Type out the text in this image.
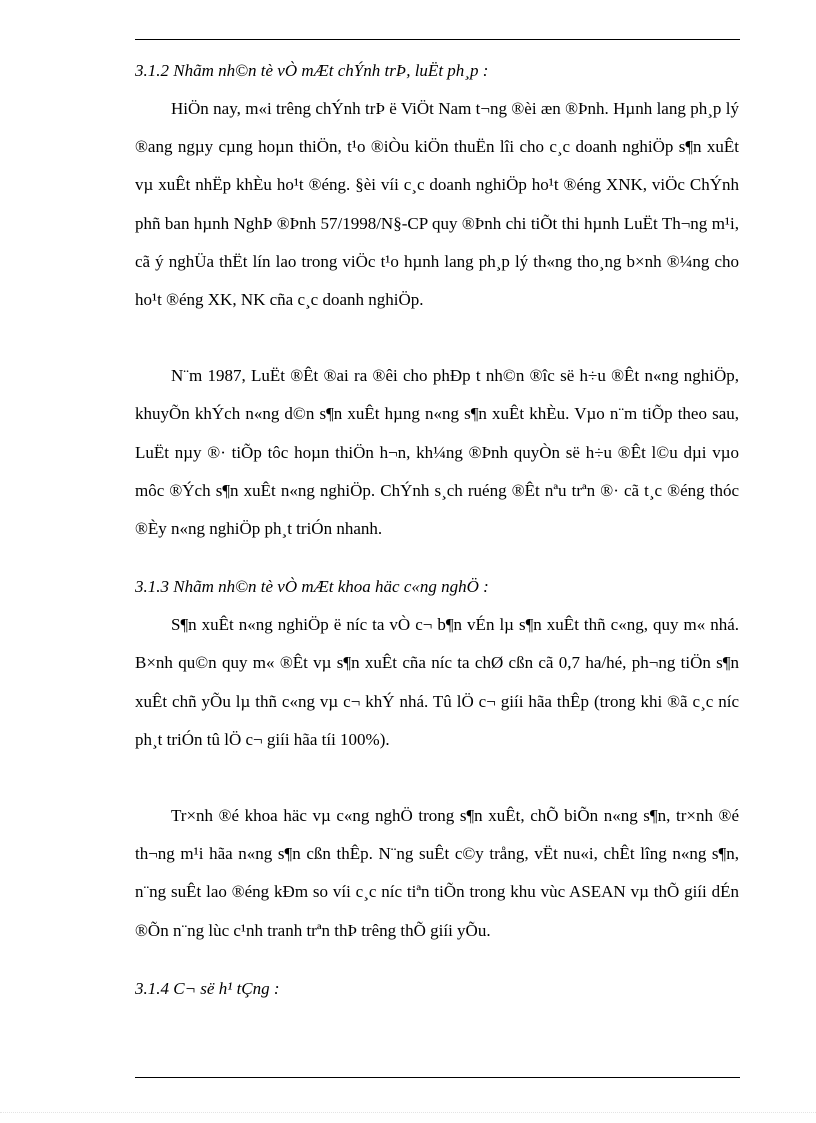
3.1.2 Nhãm nh©n tè vÒ mÆt chÝnh trÞ, luËt ph¸p :

HiÖn nay, m«i trêng chÝnh trÞ ë ViÖt Nam t¬ng ®èi æn ®Þnh. Hµnh lang ph¸p lý ®ang ngµy cµng hoµn thiÖn, t¹o ®iÒu kiÖn thuËn lîi cho c¸c doanh nghiÖp s¶n xuÊt vµ xuÊt nhËp khÈu ho¹t ®éng. §èi víi c¸c doanh nghiÖp ho¹t ®éng XNK, viÖc ChÝnh phñ ban hµnh NghÞ ®Þnh 57/1998/N§-CP quy ®Þnh chi tiÕt thi hµnh LuËt Th¬ng m¹i, cã ý nghÜa thËt lín lao trong viÖc t¹o hµnh lang ph¸p lý th«ng tho¸ng b×nh ®¼ng cho ho¹t ®éng XK, NK cña c¸c doanh nghiÖp.

N¨m 1987, LuËt ®Êt ®ai ra ®êi cho phÐp t nh©n ®îc së h÷u ®Êt n«ng nghiÖp, khuyÕn khÝch n«ng d©n s¶n xuÊt hµng n«ng s¶n xuÊt khÈu. Vµo n¨m tiÕp theo sau, LuËt nµy ®· tiÕp tôc hoµn thiÖn h¬n, kh¼ng ®Þnh quyÒn së h÷u ®Êt l©u dµi vµo môc ®Ých s¶n xuÊt n«ng nghiÖp. ChÝnh s¸ch ruéng ®Êt nªu trªn ®· cã t¸c ®éng thóc ®Èy n«ng nghiÖp ph¸t triÓn nhanh.

3.1.3 Nhãm nh©n tè vÒ mÆt khoa häc c«ng nghÖ :

S¶n xuÊt n«ng nghiÖp ë níc ta vÒ c¬ b¶n vÉn lµ s¶n xuÊt thñ c«ng, quy m« nhá. B×nh qu©n quy m« ®Êt vµ s¶n xuÊt cña níc ta chØ cßn cã 0,7 ha/hé, ph¬ng tiÖn s¶n xuÊt chñ yÕu lµ thñ c«ng vµ c¬ khÝ nhá. Tû lÖ c¬ giíi hãa thÊp (trong khi ®ã c¸c níc ph¸t triÓn tû lÖ c¬ giíi hãa tíi 100%).

Tr×nh ®é khoa häc vµ c«ng nghÖ trong s¶n xuÊt, chÕ biÕn n«ng s¶n, tr×nh ®é th¬ng m¹i hãa n«ng s¶n cßn thÊp. N¨ng suÊt c©y trång, vËt nu«i, chÊt lîng n«ng s¶n, n¨ng suÊt lao ®éng kÐm so víi c¸c níc tiªn tiÕn trong khu vùc ASEAN vµ thÕ giíi dÉn ®Õn n¨ng lùc c¹nh tranh trªn thÞ trêng thÕ giíi yÕu.

3.1.4 C¬ së h¹ tÇng :
